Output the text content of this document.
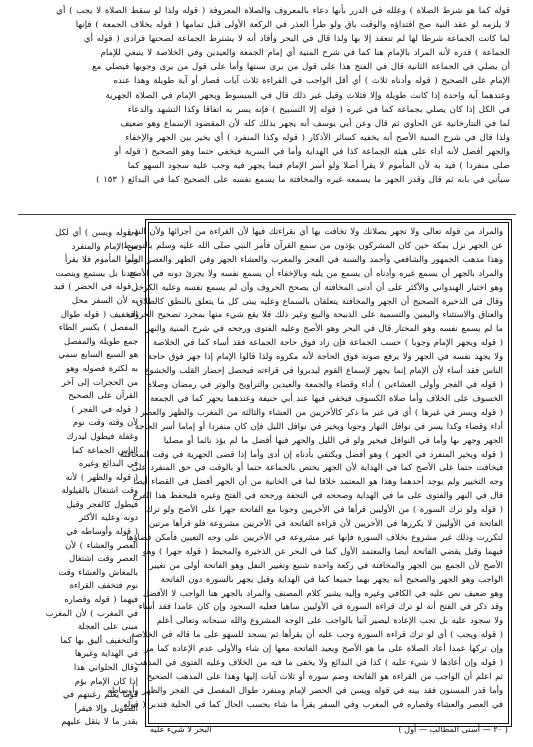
قوله كما هو شرط الصلاة ) وعلله في الدرر بأنها دعاء بالمعروف والصلاة المعروفة ( قوله ولذا لو سقط الصلاة لا يجب ) أي
لا يلزمه لو عقد النية صح اقتداؤه والوقت باق ولو طرأ العذر في الركعة الأولى قبل تمامها ( قوله بخلاف الجمعة ) فإنها
لما كانت الجماعة شرطا لها لم تنعقد إلا بها ولذا قال في البحر وأفاد أنه لا يشترط الجماعة لصحتها فرادى ( قوله أي
الجماعة ) قدره لأنه المراد بالإمام هنا كما في شرح المنية أي إمام الجمعة والعيدين وفي الخلاصة لا ينبغي للإمام
أن يصلي في الجماعة الثانية قال في الفتح هذا على قول من يرى سنتها وأما على قول من يرى وجوبها فيصلي مع
الإمام على الصحيح ( قوله وأدناه ثلاث ) أي أقل الواجب في القراءة ثلاث آيات قصار أو آية طويلة وهذا عنده
وعندهما آية واحدة إذا كانت طويلة وإلا فثلاث وقيل غير ذلك قال في المبسوط ويجهر الإمام في الصلاة الجهرية
في الكل إذا كان يصلي بجماعة كما في غيره ( قوله إلا التسبيح ) فإنه يسر به اتفاقا وكذا التشهد والدعاء
لما في التتارخانية عن الحاوي ثم قال وعن أبي يوسف أنه يجهر بذلك كله لأن المقصود الإسماع وهو ضعيف
ولذا قال في شرح المنية الأصح أنه يخفيه كسائر الأذكار ( قوله وكذا المنفرد ) أي يخير بين الجهر والإخفاء
والجهر أفضل لأنه أداء على هيئة الجماعة كذا في الهداية وأما في السرية فيخفي حتما وهو الصحيح ( قوله أو
صلى منفردا ) قيد به لأن المأموم لا يقرأ أصلا ولو أسر الإمام فيما يجهر فيه وجب عليه سجود السهو كما
سيأتي في بابه ثم قال وقدر الجهر ما يسمعه غيره والمخافتة ما يسمع نفسه على الصحيح كما في البدائع ( ١٥٣ )
والمراد من قوله تعالى ولا تجهر بصلاتك ولا تخافت بها أي بقراءتك فيها لأن القراءة من أجزائها ولأن النهي
عن الجهر نزل بمكة حين كان المشركون يؤذون من سمع القرآن فأمر النبي صلى الله عليه وسلم بالتوسط
وهذا مذهب الجمهور والشافعي وأحمد والسنة في الفجر والمغرب والعشاء الجهر وفي الظهر والعصر السر
والمراد بالجهر أن يسمع غيره وأدناه أن يسمع من يليه وبالإخفاء أن يسمع نفسه ولا يجزئ دونه في الأصح
وهو اختيار الهندواني والأكثر على أن أدنى المخافتة أن يصحح الحروف وأن لم يسمع نفسه وعليه الكرخي
وقال في الذخيرة الصحيح أن الجهر والمخافتة يتعلقان بالسماع وعليه يبنى كل ما يتعلق بالنطق كالطلاق
والعتاق والاستثناء واليمين والتسمية على الذبيحة والبيع وغير ذلك فلا يقع شيء منها بمجرد تصحيح الحروف
ما لم يسمع نفسه وهو المختار قال في البحر وهو الأصح وعليه الفتوى ورجحه في شرح المنية والنهر
( قوله ويجهر الإمام وجوبا ) حسب الجماعة فإن زاد فوق حاجة الجماعة فقد أساء كما في الخلاصة
ولا يجهد نفسه في الجهر ولا يرفع صوته فوق الحاجة لأنه مكروه ولذا قالوا الإمام إذا جهر فوق حاجة
الناس فقد أساء لأن الإمام إنما يجهر لإسماع القوم ليدبروا في قراءته فيحصل إحضار القلب والخشوع
( قوله في الفجر وأولى العشاءين ) أداء وقضاء والجمعة والعيدين والتراويح والوتر في رمضان وصلاة
الخسوف على الخلاف وأما صلاة الكسوف فيخفي فيها عند أبي حنيفة وعندهما يجهر كما في الجمعة
( قوله ويسر في غيرها ) أي في غير ما ذكر كالأخريين من العشاء والثالثة من المغرب والظهر والعصر
أداء وقضاء وكذا يسر في نوافل النهار وجوبا ويخير في نوافل الليل فإن كان منفردا أو إماما أسر الحاجة
الجهر وجهر بها وأما في النوافل فيخير ولو في الليل والجهر فيها أفضل ما لم يؤذ نائما أو مصليا
( قوله ويخير المنفرد في الجهر ) وهو أفضل ويكتفي بأدناه إن أدى وأما إذا قضى الجهرية في وقت المخافتة
فيخافت حتما على الأصح كما في الهداية لأن الجهر يختص بالجماعة حتما أو بالوقت في حق المنفرد على
وجه التخيير ولم يوجد أحدهما وهذا هو المعتمد خلافا لما في الخانية من أن الجهر أفضل في القضاء أيضا
قال في النهر والفتوى على ما في الهداية وصححه في التحفة ورجحه في الفتح وغيره فليحفظ هذا الفرع
( قوله ولو ترك السورة ) من الأوليين قرأها في الأخريين وجوبا مع الفاتحة جهرا على الأصح ولو ترك
الفاتحة في الأوليين لا يكررها في الأخريين لأن قراءة الفاتحة في الأخريين مشروعة فلو قرأها مرتين
لتكررت وذلك غير مشروع بخلاف السورة فإنها غير مشروعة في الأخريين على وجه التعيين فأمكن قضاؤها
فيهما وقيل يقضي الفاتحة أيضا والمعتمد الأول كما في البحر عن الذخيرة والمحيط ( قوله جهرا ) وهو
الأصح لأن الجمع بين الجهر والمخافتة في ركعة واحدة شنيع وتغيير النفل وهو الفاتحة أولى من تغيير
الواجب وهو الجهر والصحيح أنه يجهر بهما جميعا كما في الهداية وقيل يجهر بالسورة دون الفاتحة
وهو ضعيف نص عليه في الكافي وغيره وإليه يشير كلام المصنف والمراد بالجهر هنا الواجب لا الأفضل
وقد ذكر في الفتح أنه لو ترك قراءة السورة في الأوليين ساهيا فعليه السجود وإن كان عامدا فقد أساء
ولا سجود عليه بل تجب الإعادة ليصير آتيا بالواجب على الوجه المشروع والله سبحانه وتعالى أعلم
( قوله ويجب ) أي لو ترك قراءة السورة وجب عليه أن يقرأها ثم يسجد للسهو على ما قاله في الخلاصة
وإن تركها عمدا أعاد الصلاة على ما هو الأصح ويعيد الفاتحة معها إن شاء والأولى عدم الإعادة كما مر
( قوله وإن أعادها لا شيء عليه ) كذا في البدائع ولا يخفى ما فيه من الخلاف وعليه الفتوى في المذهب
ثم اعلم أن الواجب من القراءة هو الفاتحة وضم سورة أو ثلاث آيات إليها وهذا على المذهب الصحيح
وأما قدر المسنون فقد بينه في قوله ويسن في الحضر لإمام ومنفرد طوال المفصل في الفجر والظهر وأوساطه
في العصر والعشاء وقصاره في المغرب وفي السفر يقرأ ما شاء بحسب الحال كما في الحلية فتدبر ( قوله
( قوله ويسن ) أي لكل
من الإمام والمنفرد
وأما المأموم فلا يقرأ
عندنا بل يستمع وينصت
( قوله في الحضر ) قيد
به لأن السفر محل
التخفيف ( قوله طوال
المفصل ) بكسر الطاء
جمع طويلة والمفصل
هو السبع السابع سمي
به لكثرة فصوله وهو
من الحجرات إلى آخر
القرآن على الصحيح
( قوله في الفجر )
لأن وقته وقت نوم
وغفلة فيطول ليدرك
الناس الجماعة كما
في البدائع وغيره
( قوله والظهر ) لأنه
وقت اشتغال بالقيلولة
فيطول كالفجر وقيل
دونه وعليه الأكثر
( قوله وأوساطه في
العصر والعشاء ) لأن
العصر وقت اشتغال
بالمعاش والعشاء وقت
نوم فتخفف القراءة
فيهما ( قوله وقصاره
في المغرب ) لأن المغرب
مبنى على العجلة
والتخفيف أليق بها كما
في الهداية وغيرها
وقال الحلواني هذا
إذا كان الإمام يؤم
قوما يعلم رغبتهم في
التطويل وإلا فيقرأ
بقدر ما لا يثقل عليهم
( ٢٠ — أسنى المطالب — أول )
البحر لا شيء عليه
